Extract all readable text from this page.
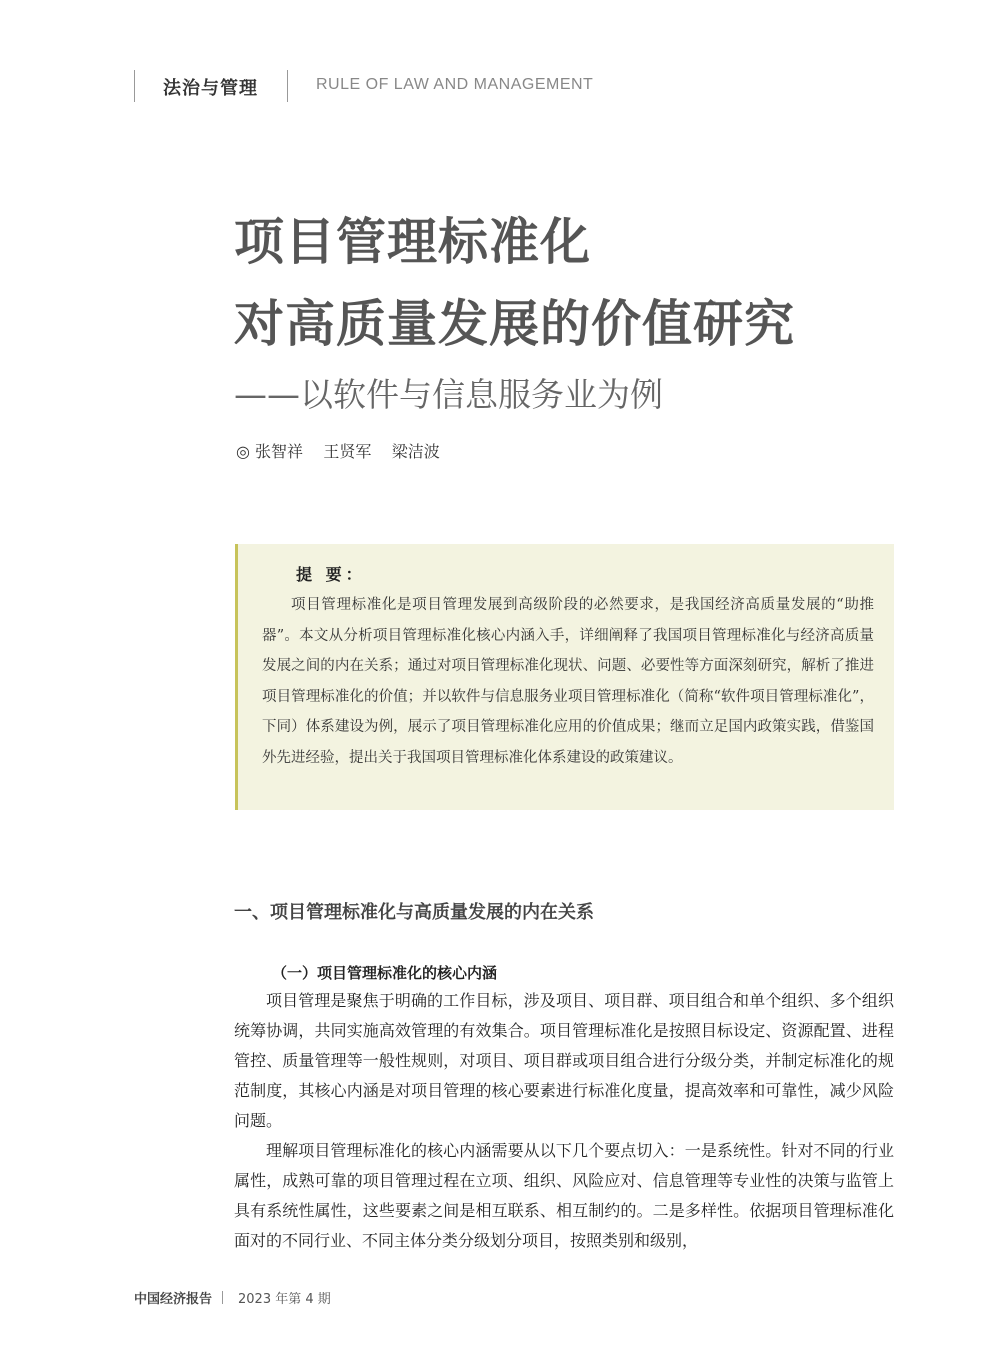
法治与管理	RULE OF LAW AND MANAGEMENT
项目管理标准化
对高质量发展的价值研究
——以软件与信息服务业为例
◎ 张智祥    王贤军    梁洁波
提 要：
项目管理标准化是项目管理发展到高级阶段的必然要求，是我国经济高质量发展的“助推器”。本文从分析项目管理标准化核心内涵入手，详细阐释了我国项目管理标准化与经济高质量发展之间的内在关系；通过对项目管理标准化现状、问题、必要性等方面深刻研究，解析了推进项目管理标准化的价值；并以软件与信息服务业项目管理标准化（简称“软件项目管理标准化”，下同）体系建设为例，展示了项目管理标准化应用的价值成果；继而立足国内政策实践，借鉴国外先进经验，提出关于我国项目管理标准化体系建设的政策建议。
一、项目管理标准化与高质量发展的内在关系
（一）项目管理标准化的核心内涵

项目管理是聚焦于明确的工作目标，涉及项目、项目群、项目组合和单个组织、多个组织统筹协调，共同实施高效管理的有效集合。项目管理标准化是按照目标设定、资源配置、进程管控、质量管理等一般性规则，对项目、项目群或项目组合进行分级分类，并制定标准化的规范制度，其核心内涵是对项目管理的核心要素进行标准化度量，提高效率和可靠性，减少风险问题。

理解项目管理标准化的核心内涵需要从以下几个要点切入：一是系统性。针对不同的行业属性，成熟可靠的项目管理过程在立项、组织、风险应对、信息管理等专业性的决策与监管上具有系统性属性，这些要素之间是相互联系、相互制约的。二是多样性。依据项目管理标准化面对的不同行业、不同主体分类分级划分项目，按照类别和级别，

中国经济报告 2023 年第 4 期
